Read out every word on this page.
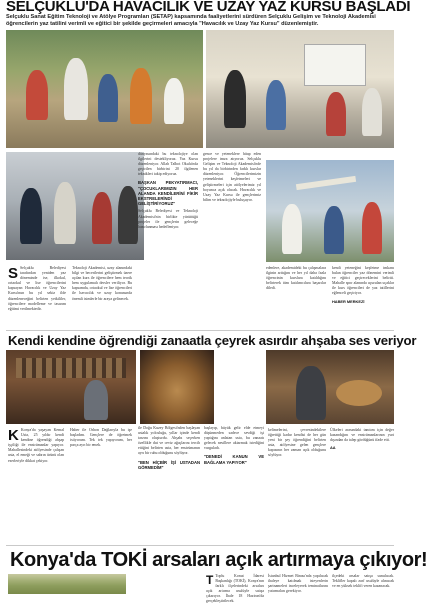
SELÇUKLU'DA HAVACILIK VE UZAY YAZ KURSU BAŞLADI
Selçuklu Sanat Eğitim Teknoloji ve Atölye Programları (SETAP) kapsamında faaliyetlerini sürdüren Selçuklu Gelişim ve Teknoloji Akademisi öğrencilerin yaz tatilini verimli ve eğitici bir şekilde geçirmeleri amacıyla "Havacılık ve Uzay Yaz Kursu" düzenlemiştir.
S Selçuklu Belediyesi tarafından yeniden yaz döneminde ise, ilkokul, ortaokul ve lise öğrencilerini kapsayan Havacılık ve Uzay Yaz Kursu'nun bu yıl sekiz ilde düzenleneceğini belirten yetkililer, öğrencilere modelleme ve tasarım eğitimi verilmektedir.
Teknoloji Akademisi, uzay alanındaki bilgi ve becerilerini geliştirmek üzere açılan kurs ile öğrencilere hem teorik hem uygulamalı dersler veriliyor. Bu kapsamda, ortaokul ve lise öğrencileri ile havacılık ve uzay konusunda önemli isimlerle bir araya gelinecek.
dünyasındaki bu teknolojiye olan ilgilerini destekliyoruz. Yaz Kursu düzenleniyor. Allah Talbot Okulu'nda geçirilen birbirini 20 ilgilenen teknikleri takip ediyoruz.
BAŞKAN PEKYATIRMACI, "ÇOCUKLARIMIZIN HER ALANDA KENDİLERİNİ FİKİR EKSTRELERİNDİ GELİŞTİRİYORUZ"
Selçuklu Belediyesi ve Teknoloji Akademisi'nin birlikte yürüttüğü projeler ile gençlerin geleceğe hazırlanması hedefleniyor.
gence ve yeteneklere hitap eden projelere imza atıyoruz. Selçuklu Gelişim ve Teknoloji Akademisi'nde bu yıl da birbirinden farklı kurslar düzenleniyor. Öğrencilerimizin yeteneklerini keşfetmeleri ve geliştirmeleri için atölyelerimiz yıl boyunca açık olacak. Havacılık ve Uzay Yaz Kursu ile gençlerimiz bilim ve teknolojiyle buluşuyor.
edenlere, akademideki bu çalışmalara ilginin arttığını ve her yıl daha fazla öğrencinin kurslara katıldığını belirterek tüm katılımcılara başarılar diledi.
kendi yeteneğini keşfetme imkanı bulan öğrenciler yaz dönemini verimli ve eğitici geçireceklerini belirtti. Mahalle spor alanında uçurulan uçaklar ile kurs öğrencileri de yaz tatillerini eğlenceli geçiriyor.
HABER MERKEZİ
Kendi kendine öğrendiği zanaatla çeyrek asırdır ahşaba ses veriyor
K Konya'da yaşayan Kemal Usta, 25 yıldır kendi kendine öğrendiği ahşap işçiliği ile enstrümanlar yapıyor. Mahallesindeki atölyesinde çalışan usta, el emeği ve sabrın ürünü olan eserleriyle dikkat çekiyor.
Haber ile Orhon Dağlarıyla bu işe başladım. Gençlere de öğretmek istiyorum. Tek tek yapıyorum, her parça ayrı bir emek.
ile Doğu Kuzey Bölgesi'nden başlayan ustalık yolculuğu, yıllar içinde kendi tarzını oluşturdu. Ahşabı seçerken özellikle dut ve ceviz ağaçlarını tercih ettiğini belirten usta, her enstrümanın ayrı bir ruhu olduğunu söylüyor.
"BEN HİÇBİR İŞİ USTADAN GÖRMEDİM"
başlayıp, büyük gelir elde etmeyi düşünmeden sadece sevdiği işi yaptığını anlatan usta, bu zanaatı gelecek nesillere aktarmak istediğini vurguladı.
"DENEDİ KANUN VE BAĞLAMA YAPIYOR"
kelimelerini, çevresindekilere öğrettiği kadar kendisi de her gün yeni bir şey öğrendiğini belirten usta, atölyesine gelen gençlere kapısının her zaman açık olduğunu söylüyor.
Ülkeleri arasındaki tanıtım için değer kazandığını ve enstrümanlarının yurt dışından da talep gördüğünü ifade etti.
AA
Konya'da TOKİ arsaları açık artırmaya çıkıyor!
T Toplu Konut İdaresi Başkanlığı (TOKİ), Konya'nın farklı ilçelerindeki arsaları açık artırma usulüyle satışa çıkarıyor. İhale 18 Haziran'da gerçekleştirilecek.
İstanbul Hizmet Binası'nda yapılacak ihaleye katılmak isteyenlerin şartnameleri inceleyerek teminatlarını yatırmaları gerekiyor.
ilçedeki arsalar satışa sunulacak. Teklifler kapalı zarf usulüyle alınacak ve en yüksek teklifi veren kazanacak.
